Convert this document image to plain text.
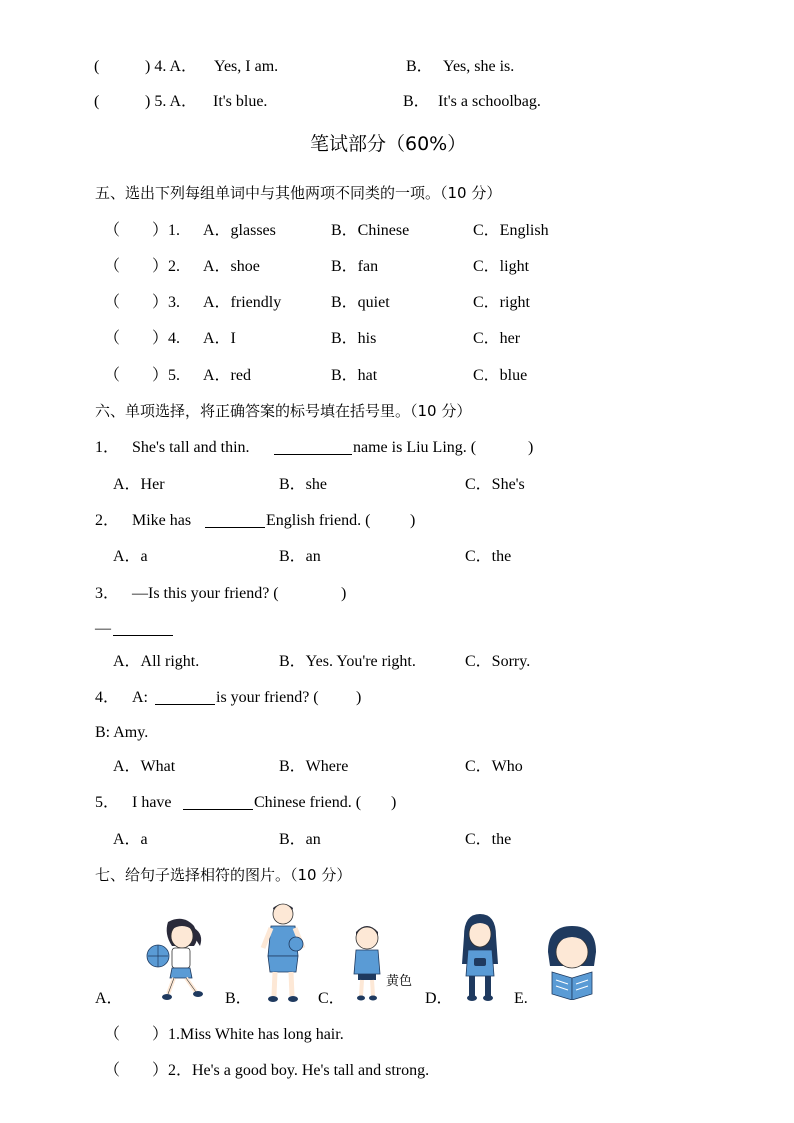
(	) 4. A． Yes, I am.	B． Yes, she is.
(	) 5. A． It's blue.	B． It's a schoolbag.
笔试部分（60%）
五、选出下列每组单词中与其他两项不同类的一项。（10 分）
（ ）1. A．glasses	B．Chinese	C．English
（ ）2. A．shoe	B．fan	C．light
（ ）3. A．friendly	B．quiet	C．right
（ ）4. A．I	B．his	C．her
（ ）5. A．red	B．hat	C．blue
六、单项选择，将正确答案的标号填在括号里。（10 分）
1． She's tall and thin.	name is Liu Ling. (	)
A．Her	B．she	C．She's
2． Mike has	English friend. ( )
A．a	B．an	C．the
3． —Is this your friend? (	)
—
A．All right.	B．Yes. You're right.	C．Sorry.
4． A:	is your friend? ( )
B: Amy.
A．What	B．Where	C．Who
5． I have	Chinese friend. ( )
A．a	B．an	C．the
七、给句子选择相符的图片。（10 分）
A．	B．	C．	D．	E.
黄色
（ ）1.Miss White has long hair.
（ ）2．He's a good boy. He's tall and strong.
